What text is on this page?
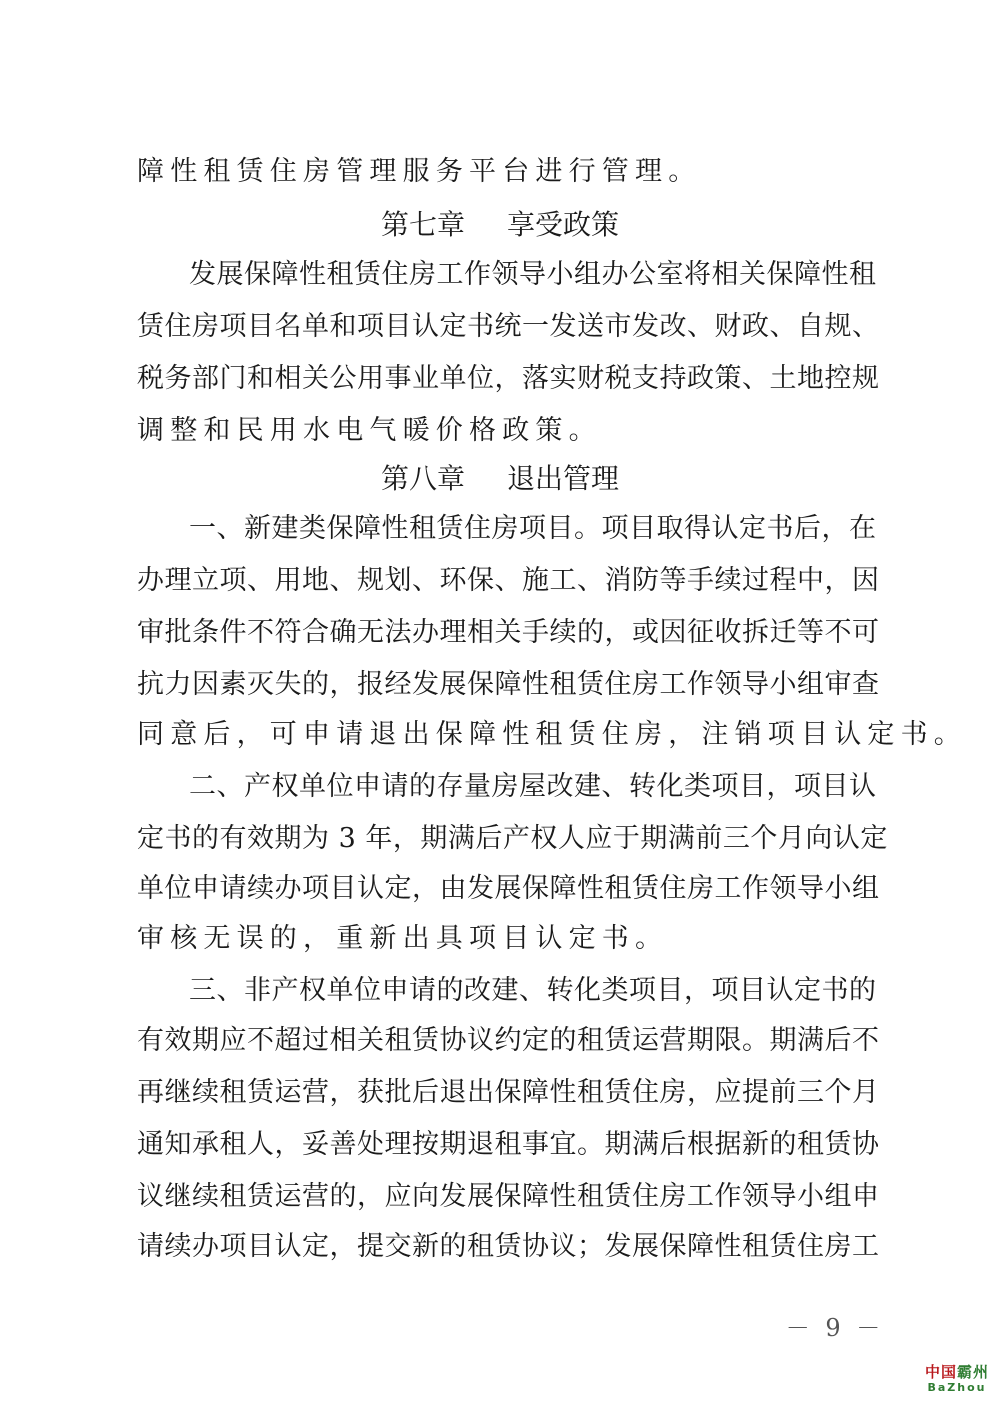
障性租赁住房管理服务平台进行管理。
第七章 享受政策
发展保障性租赁住房工作领导小组办公室将相关保障性租
赁住房项目名单和项目认定书统一发送市发改、财政、自规、
税务部门和相关公用事业单位，落实财税支持政策、土地控规
调整和民用水电气暖价格政策。
第八章 退出管理
一、新建类保障性租赁住房项目。项目取得认定书后，在
办理立项、用地、规划、环保、施工、消防等手续过程中，因
审批条件不符合确无法办理相关手续的，或因征收拆迁等不可
抗力因素灭失的，报经发展保障性租赁住房工作领导小组审查
同意后，可申请退出保障性租赁住房，注销项目认定书。
二、产权单位申请的存量房屋改建、转化类项目，项目认
定书的有效期为 3 年，期满后产权人应于期满前三个月向认定
单位申请续办项目认定，由发展保障性租赁住房工作领导小组
审核无误的，重新出具项目认定书。
三、非产权单位申请的改建、转化类项目，项目认定书的
有效期应不超过相关租赁协议约定的租赁运营期限。期满后不
再继续租赁运营，获批后退出保障性租赁住房，应提前三个月
通知承租人，妥善处理按期退租事宜。期满后根据新的租赁协
议继续租赁运营的，应向发展保障性租赁住房工作领导小组申
请续办项目认定，提交新的租赁协议；发展保障性租赁住房工
－ 9 －
中国霸州
BaZhou
